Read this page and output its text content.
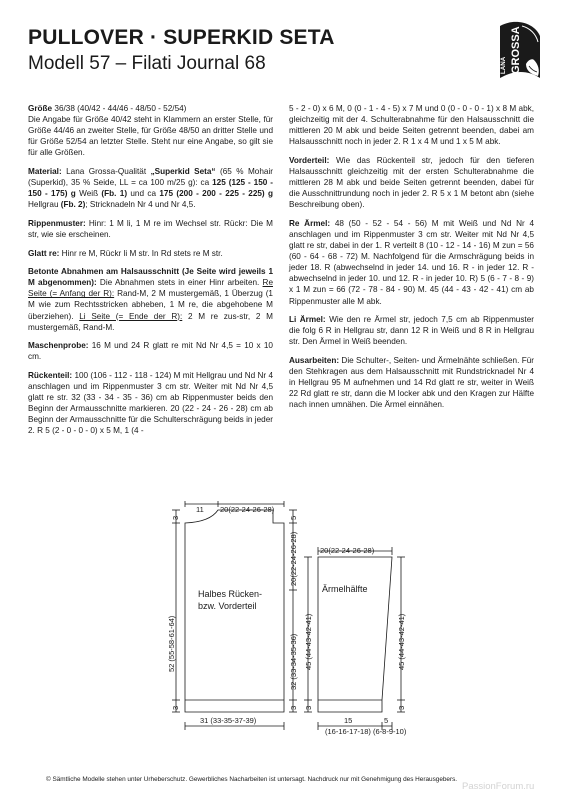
PULLOVER · SUPERKID SETA
Modell 57 – Filati Journal 68	LANA GROSSA

Größe 36/38 (40/42 - 44/46 - 48/50 - 52/54)
Die Angabe für Größe 40/42 steht in Klammern an erster Stelle, für Größe 44/46 an zweiter Stelle, für Größe 48/50 an dritter Stelle und für Größe 52/54 an letzter Stelle. Steht nur eine Angabe, so gilt sie für alle Größen.

Material: Lana Grossa-Qualität „Superkid Seta“ (65 % Mohair (Superkid), 35 % Seide, LL = ca 100 m/25 g): ca 125 (125 - 150 - 150 - 175) g Weiß (Fb. 1) und ca 175 (200 - 200 - 225 - 225) g Hellgrau (Fb. 2); Stricknadeln Nr 4 und Nr 4,5.

Rippenmuster: Hinr: 1 M li, 1 M re im Wechsel str. Rückr: Die M str, wie sie erscheinen.

Glatt re: Hinr re M, Rückr li M str. In Rd stets re M str.

Betonte Abnahmen am Halsausschnitt (Je Seite wird jeweils 1 M abgenommen): Die Abnahmen stets in einer Hinr arbeiten. Re Seite (= Anfang der R): Rand-M, 2 M mustergemäß, 1 Überzug (1 M wie zum Rechtsstricken abheben, 1 M re, die abgehobene M überziehen). Li Seite (= Ende der R): 2 M re zus-str, 2 M mustergemäß, Rand-M.

Maschenprobe: 16 M und 24 R glatt re mit Nd Nr 4,5 = 10 x 10 cm.

Rückenteil: 100 (106 - 112 - 118 - 124) M mit Hellgrau und Nd Nr 4 anschlagen und im Rippenmuster 3 cm str. Weiter mit Nd Nr 4,5 glatt re str. 32 (33 - 34 - 35 - 36) cm ab Rippenmuster beids den Beginn der Armausschnitte markieren. 20 (22 - 24 - 26 - 28) cm ab Beginn der Armausschnitte für die Schulterschrägung beids in jeder 2. R 5 (2 - 0 - 0 - 0) x 5 M, 1 (4 -

5 - 2 - 0) x 6 M, 0 (0 - 1 - 4 - 5) x 7 M und 0 (0 - 0 - 0 - 1) x 8 M abk, gleichzeitig mit der 4. Schulterabnahme für den Halsausschnitt die mittleren 20 M abk und beide Seiten getrennt beenden, dabei am Halsausschnitt noch in jeder 2. R 1 x 4 M und 1 x 5 M abk.

Vorderteil: Wie das Rückenteil str, jedoch für den tieferen Halsausschnitt gleichzeitig mit der ersten Schulterabnahme die mittleren 28 M abk und beide Seiten getrennt beenden, dabei für die Ausschnittrundung noch in jeder 2. R 5 x 1 M betont abn (siehe Beschreibung oben).

Re Ärmel: 48 (50 - 52 - 54 - 56) M mit Weiß und Nd Nr 4 anschlagen und im Rippenmuster 3 cm str. Weiter mit Nd Nr 4,5 glatt re str, dabei in der 1. R verteilt 8 (10 - 12 - 14 - 16) M zun = 56 (60 - 64 - 68 - 72) M. Nachfolgend für die Armschrägung beids in jeder 18. R (abwechselnd in jeder 14. und 16. R - in jeder 12. R - abwechselnd in jeder 10. und 12. R - in jeder 10. R) 5 (6 - 7 - 8 - 9) x 1 M zun = 66 (72 - 78 - 84 - 90) M. 45 (44 - 43 - 42 - 41) cm ab Rippenmuster alle M abk.

Li Ärmel: Wie den re Ärmel str, jedoch 7,5 cm ab Rippenmuster die folg 6 R in Hellgrau str, dann 12 R in Weiß und 8 R in Hellgrau str. Den Ärmel in Weiß beenden.

Ausarbeiten: Die Schulter-, Seiten- und Ärmelnähte schließen. Für den Stehkragen aus dem Halsausschnitt mit Rundstricknadel Nr 4 in Hellgrau 95 M aufnehmen und 14 Rd glatt re str, weiter in Weiß 22 Rd glatt re str, dann die M locker abk und den Kragen zur Hälfte nach innen umnähen. Die Ärmel einnähen.

Halbes Rücken-
bzw. Vorderteil
Ärmelhälfte
11 20(22-24-26-28)
3
52 (55-58-61-64)
3
5
20(22-24-26-28)
32 (33-34-35-36)
3
31 (33-35-37-39)
20(22-24-26-28)
45 (44-43-42-41)	45 (44-43-42-41)
3	3
15
(16-16-17-18)
5
(6-8-9-10)
© Sämtliche Modelle stehen unter Urheberschutz. Gewerbliches Nacharbeiten ist untersagt. Nachdruck nur mit Genehmigung des Herausgebers.
PassionForum.ru
